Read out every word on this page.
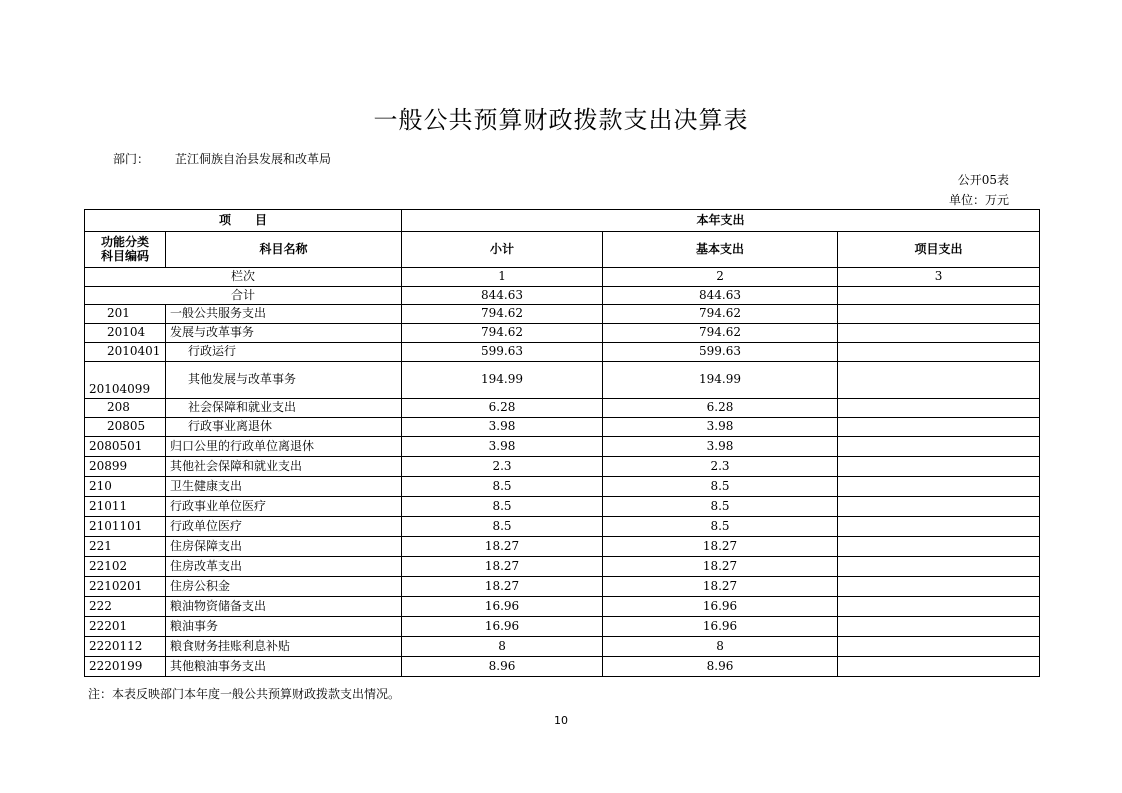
一般公共预算财政拨款支出决算表
部门： 芷江侗族自治县发展和改革局
公开05表
单位：万元
项　　目		本年支出		
功能分类
科目编码	科目名称	小计	基本支出	项目支出
栏次		1	2	3
合计		844.63	844.63	
201	一般公共服务支出	794.62	794.62	
20104	发展与改革事务	794.62	794.62	
2010401	行政运行	599.63	599.63	
20104099	其他发展与改革事务	194.99	194.99	
208	社会保障和就业支出	6.28	6.28	
20805	行政事业离退休	3.98	3.98	
2080501	归口公里的行政单位离退休	3.98	3.98	
20899	其他社会保障和就业支出	2.3	2.3	
210	卫生健康支出	8.5	8.5	
21011	行政事业单位医疗	8.5	8.5	
2101101	行政单位医疗	8.5	8.5	
221	住房保障支出	18.27	18.27	
22102	住房改革支出	18.27	18.27	
2210201	住房公积金	18.27	18.27	
222	粮油物资储备支出	16.96	16.96	
22201	粮油事务	16.96	16.96	
2220112	粮食财务挂账利息补贴	8	8	
2220199	其他粮油事务支出	8.96	8.96	
注：本表反映部门本年度一般公共预算财政拨款支出情况。
10
